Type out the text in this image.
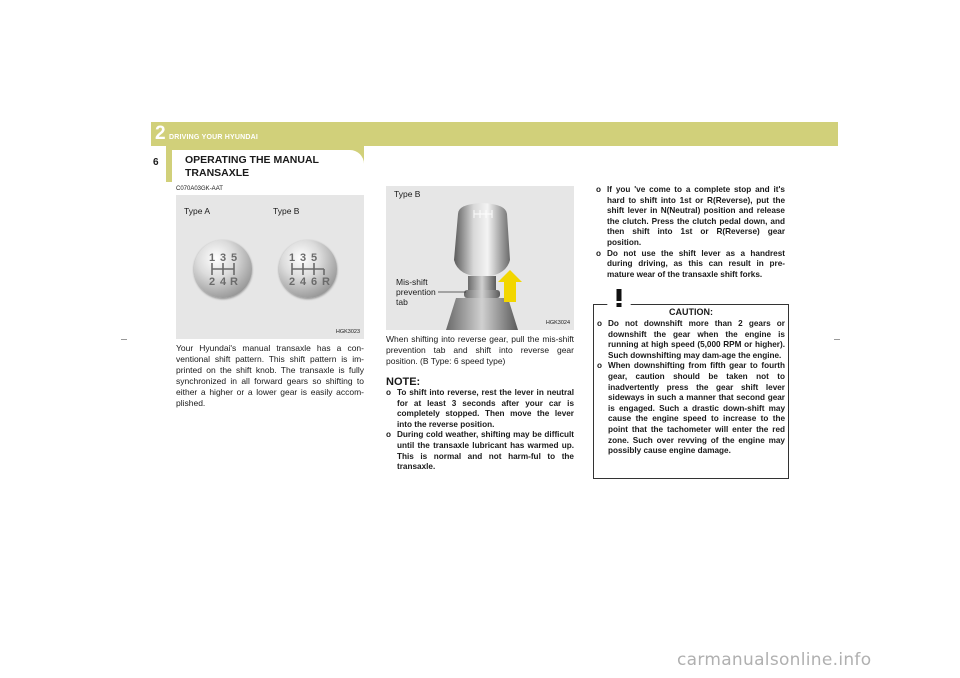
2 DRIVING YOUR HYUNDAI
6	OPERATING THE MANUAL TRANSAXLE
C070A03GK-AAT
Type A	Type B
1 3 5
2 4 R
1 3 5
2 4 6 R
HGK3023
Your Hyundai's manual transaxle has a con-ventional shift pattern. This shift pattern is im-printed on the shift knob. The transaxle is fully synchronized in all forward gears so shifting to either a higher or a lower gear is easily accom-plished.
Type B
Mis-shift
prevention
tab
HGK3024
When shifting into reverse gear, pull the mis-shift prevention tab and shift into reverse gear position. (B Type: 6 speed type)
NOTE:
o To shift into reverse, rest the lever in neutral for at least 3 seconds after your car is completely stopped. Then move the lever into the reverse position.
o During cold weather, shifting may be difficult until the transaxle lubricant has warmed up. This is normal and not harm-ful to the transaxle.
o If you 've come to a complete stop and it's hard to shift into 1st or R(Reverse), put the shift lever in N(Neutral) position and release the clutch. Press the clutch pedal down, and then shift into 1st or R(Reverse) gear position.
o Do not use the shift lever as a handrest during driving, as this can result in pre-mature wear of the transaxle shift forks.
CAUTION:
o Do not downshift more than 2 gears or downshift the gear when the engine is running at high speed (5,000 RPM or higher). Such downshifting may dam-age the engine.
o When downshifting from fifth gear to fourth gear, caution should be taken not to inadvertently press the gear shift lever sideways in such a manner that second gear is engaged. Such a drastic down-shift may cause the engine speed to increase to the point that the tachometer will enter the red zone. Such over revving of the engine may possibly cause engine damage.
carmanualsonline.info
